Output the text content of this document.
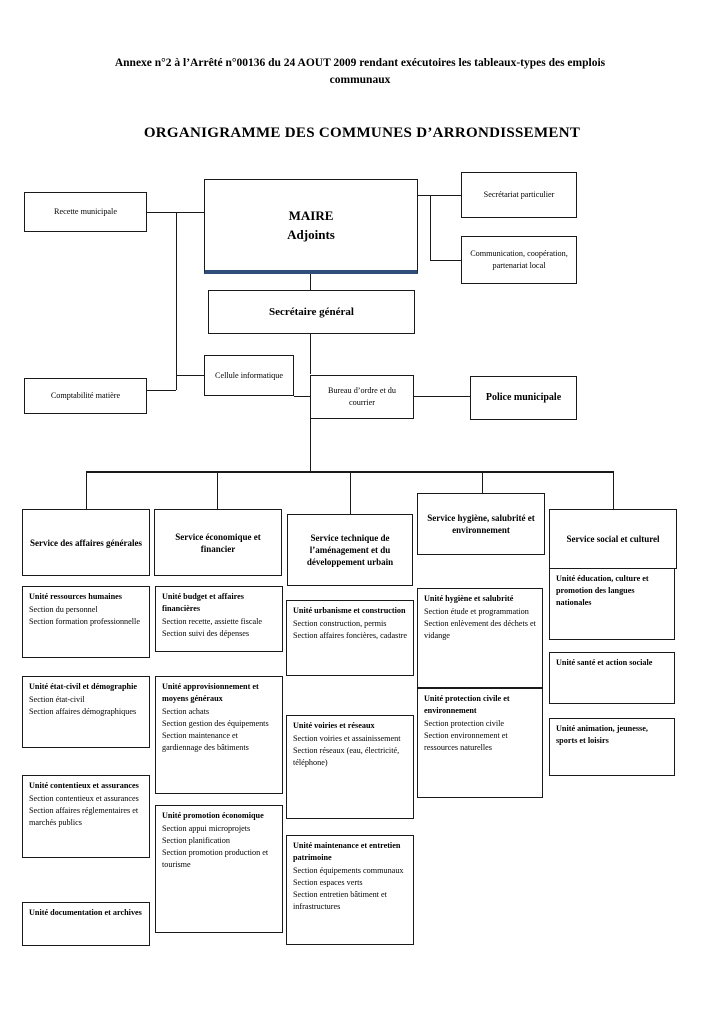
Annexe n°2 à l’Arrêté n°00136 du 24 AOUT 2009 rendant exécutoires les tableaux-types des emplois communaux
ORGANIGRAMME DES COMMUNES D’ARRONDISSEMENT
Recette municipale	MAIRE
Adjoints
Secrétariat particulier
Communication, coopération, partenariat local
Secrétaire général
Cellule informatique
Bureau d’ordre et du courrier
Comptabilité matière	Police municipale
Service des affaires générales
Service économique et financier
Service technique de l’aménagement et du développement urbain
Service hygiène, salubrité et environnement
Service social et culturel
Unité ressources humaines
Section du personnel
Section formation professionnelle
Unité état-civil et démographie
Section état-civil
Section affaires démographiques
Unité contentieux et assurances
Section contentieux et assurances
Section affaires réglementaires et marchés publics
Unité documentation et archives
Unité budget et affaires financières
Section recette, assiette fiscale
Section suivi des dépenses
Unité approvisionnement et moyens généraux
Section achats
Section gestion des équipements
Section maintenance et gardiennage des bâtiments
Unité promotion économique
Section appui microprojets
Section planification
Section promotion production et tourisme
Unité urbanisme et construction
Section construction, permis
Section affaires foncières, cadastre
Unité voiries et réseaux
Section voiries et assainissement
Section réseaux (eau, électricité, téléphone)
Unité maintenance et entretien patrimoine
Section équipements communaux
Section espaces verts
Section entretien bâtiment et infrastructures
Unité hygiène et salubrité
Section étude et programmation
Section enlèvement des déchets et vidange
Unité protection civile et environnement
Section protection civile
Section environnement et ressources naturelles
Unité éducation, culture et promotion des langues nationales
Unité santé et action sociale
Unité animation, jeunesse, sports et loisirs
